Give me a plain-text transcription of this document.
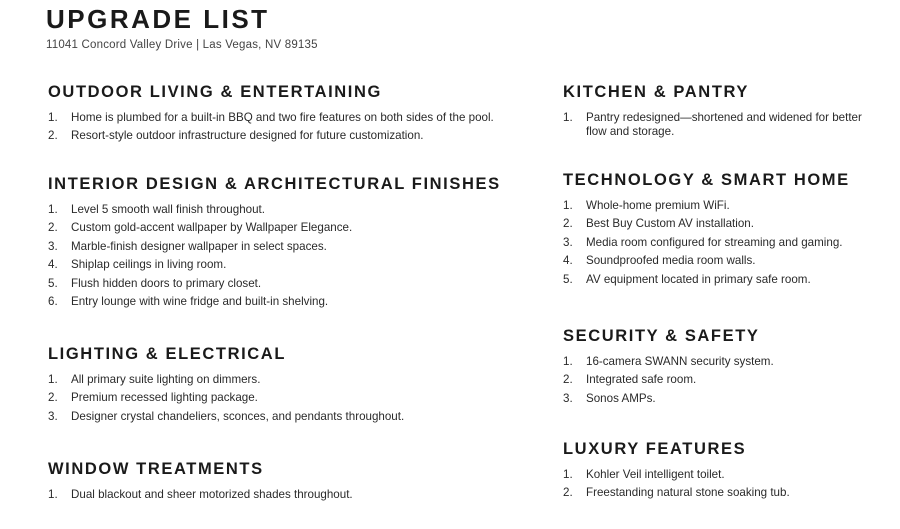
UPGRADE LIST
11041 Concord Valley Drive | Las Vegas, NV 89135
OUTDOOR LIVING & ENTERTAINING
1. Home is plumbed for a built-in BBQ and two fire features on both sides of the pool.
2. Resort-style outdoor infrastructure designed for future customization.
INTERIOR DESIGN & ARCHITECTURAL FINISHES
1. Level 5 smooth wall finish throughout.
2. Custom gold-accent wallpaper by Wallpaper Elegance.
3. Marble-finish designer wallpaper in select spaces.
4. Shiplap ceilings in living room.
5. Flush hidden doors to primary closet.
6. Entry lounge with wine fridge and built-in shelving.
LIGHTING & ELECTRICAL
1. All primary suite lighting on dimmers.
2. Premium recessed lighting package.
3. Designer crystal chandeliers, sconces, and pendants throughout.
WINDOW TREATMENTS
1. Dual blackout and sheer motorized shades throughout.
KITCHEN & PANTRY
1. Pantry redesigned—shortened and widened for better flow and storage.
TECHNOLOGY & SMART HOME
1. Whole-home premium WiFi.
2. Best Buy Custom AV installation.
3. Media room configured for streaming and gaming.
4. Soundproofed media room walls.
5. AV equipment located in primary safe room.
SECURITY & SAFETY
1. 16-camera SWANN security system.
2. Integrated safe room.
3. Sonos AMPs.
LUXURY FEATURES
1. Kohler Veil intelligent toilet.
2. Freestanding natural stone soaking tub.
